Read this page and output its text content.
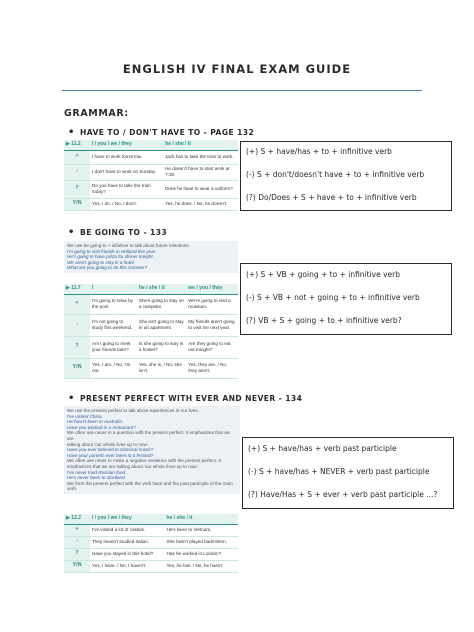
ENGLISH IV FINAL EXAM GUIDE
GRAMMAR:
• HAVE TO / DON'T HAVE TO - PAGE 132
▶ 11.2	I / you / we / they	he / she / it
+	I have to work tomorrow.	Jack has to take the train to work.
-	I don't have to work on Sunday.	He doesn't have to start work at 7:30.
?	Do you have to take the train today?	Does he have to wear a uniform?
Y/N	Yes, I do. / No, I don't.	Yes, he does. / No, he doesn't.
(+) S + have/has + to + infinitive verb
(-) S + don't/doesn't have + to + infinitive verb
(?) Do/Does + S + have + to + infinitive verb
• BE GOING TO - 133
We use be going to + infinitive to talk about future intentions.
I'm going to visit friends in Holland this year.
He's going to have pizza for dinner tonight.
We aren't going to stay in a hotel.
What are you going to do this summer?
▶ 11.7	I	he / she / it	we / you / they
+	I'm going to relax by the pool.	She's going to stay on a campsite.	We're going to visit a museum.
-	I'm not going to study this weekend.	She isn't going to stay in an apartment.	My friends aren't going to visit me next year.
?	Am I going to meet your friends later?	Is she going to stay in a hostel?	Are they going to eat out tonight?
Y/N	Yes, I am. / No, I'm not.	Yes, she is. / No, she isn't.	Yes, they are. / No, they aren't.
(+) S + VB + going + to + infinitive verb
(-) S + VB + not + going + to + infinitive verb
(?) VB + S + going + to + infinitive verb?
• PRESENT PERFECT WITH EVER AND NEVER - 134
We use the present perfect to talk about experiences in our lives.
I've visited China.
He hasn't been to Australia.
Have you worked in a restaurant?
We often use never in a question with the present perfect. It emphasizes that we are
talking about 'our whole lives up to now'.
Have you ever listened to classical music?
Have your parents ever been to a festival?
We often use never to make a negative sentence with the present perfect. It
emphasizes that we are talking about 'our whole lives up to now'.
I've never tried Russian food.
He's never been to Scotland.
We form the present perfect with the verb have and the past participle of the main verb.
▶ 12.2	I / you / we / they	he / she / it
+	I've visited a lot of castles.	He's been to Vietnam.
-	They haven't studied Italian.	She hasn't played badminton.
?	Have you stayed in this hotel?	Has he worked in London?
Y/N	Yes, I have. / No, I haven't.	Yes, he has. / No, he hasn't.
(+) S + have/has + verb past participle
(-) S + have/has + NEVER + verb past participle
(?) Have/Has + S + ever + verb past participle ...?
